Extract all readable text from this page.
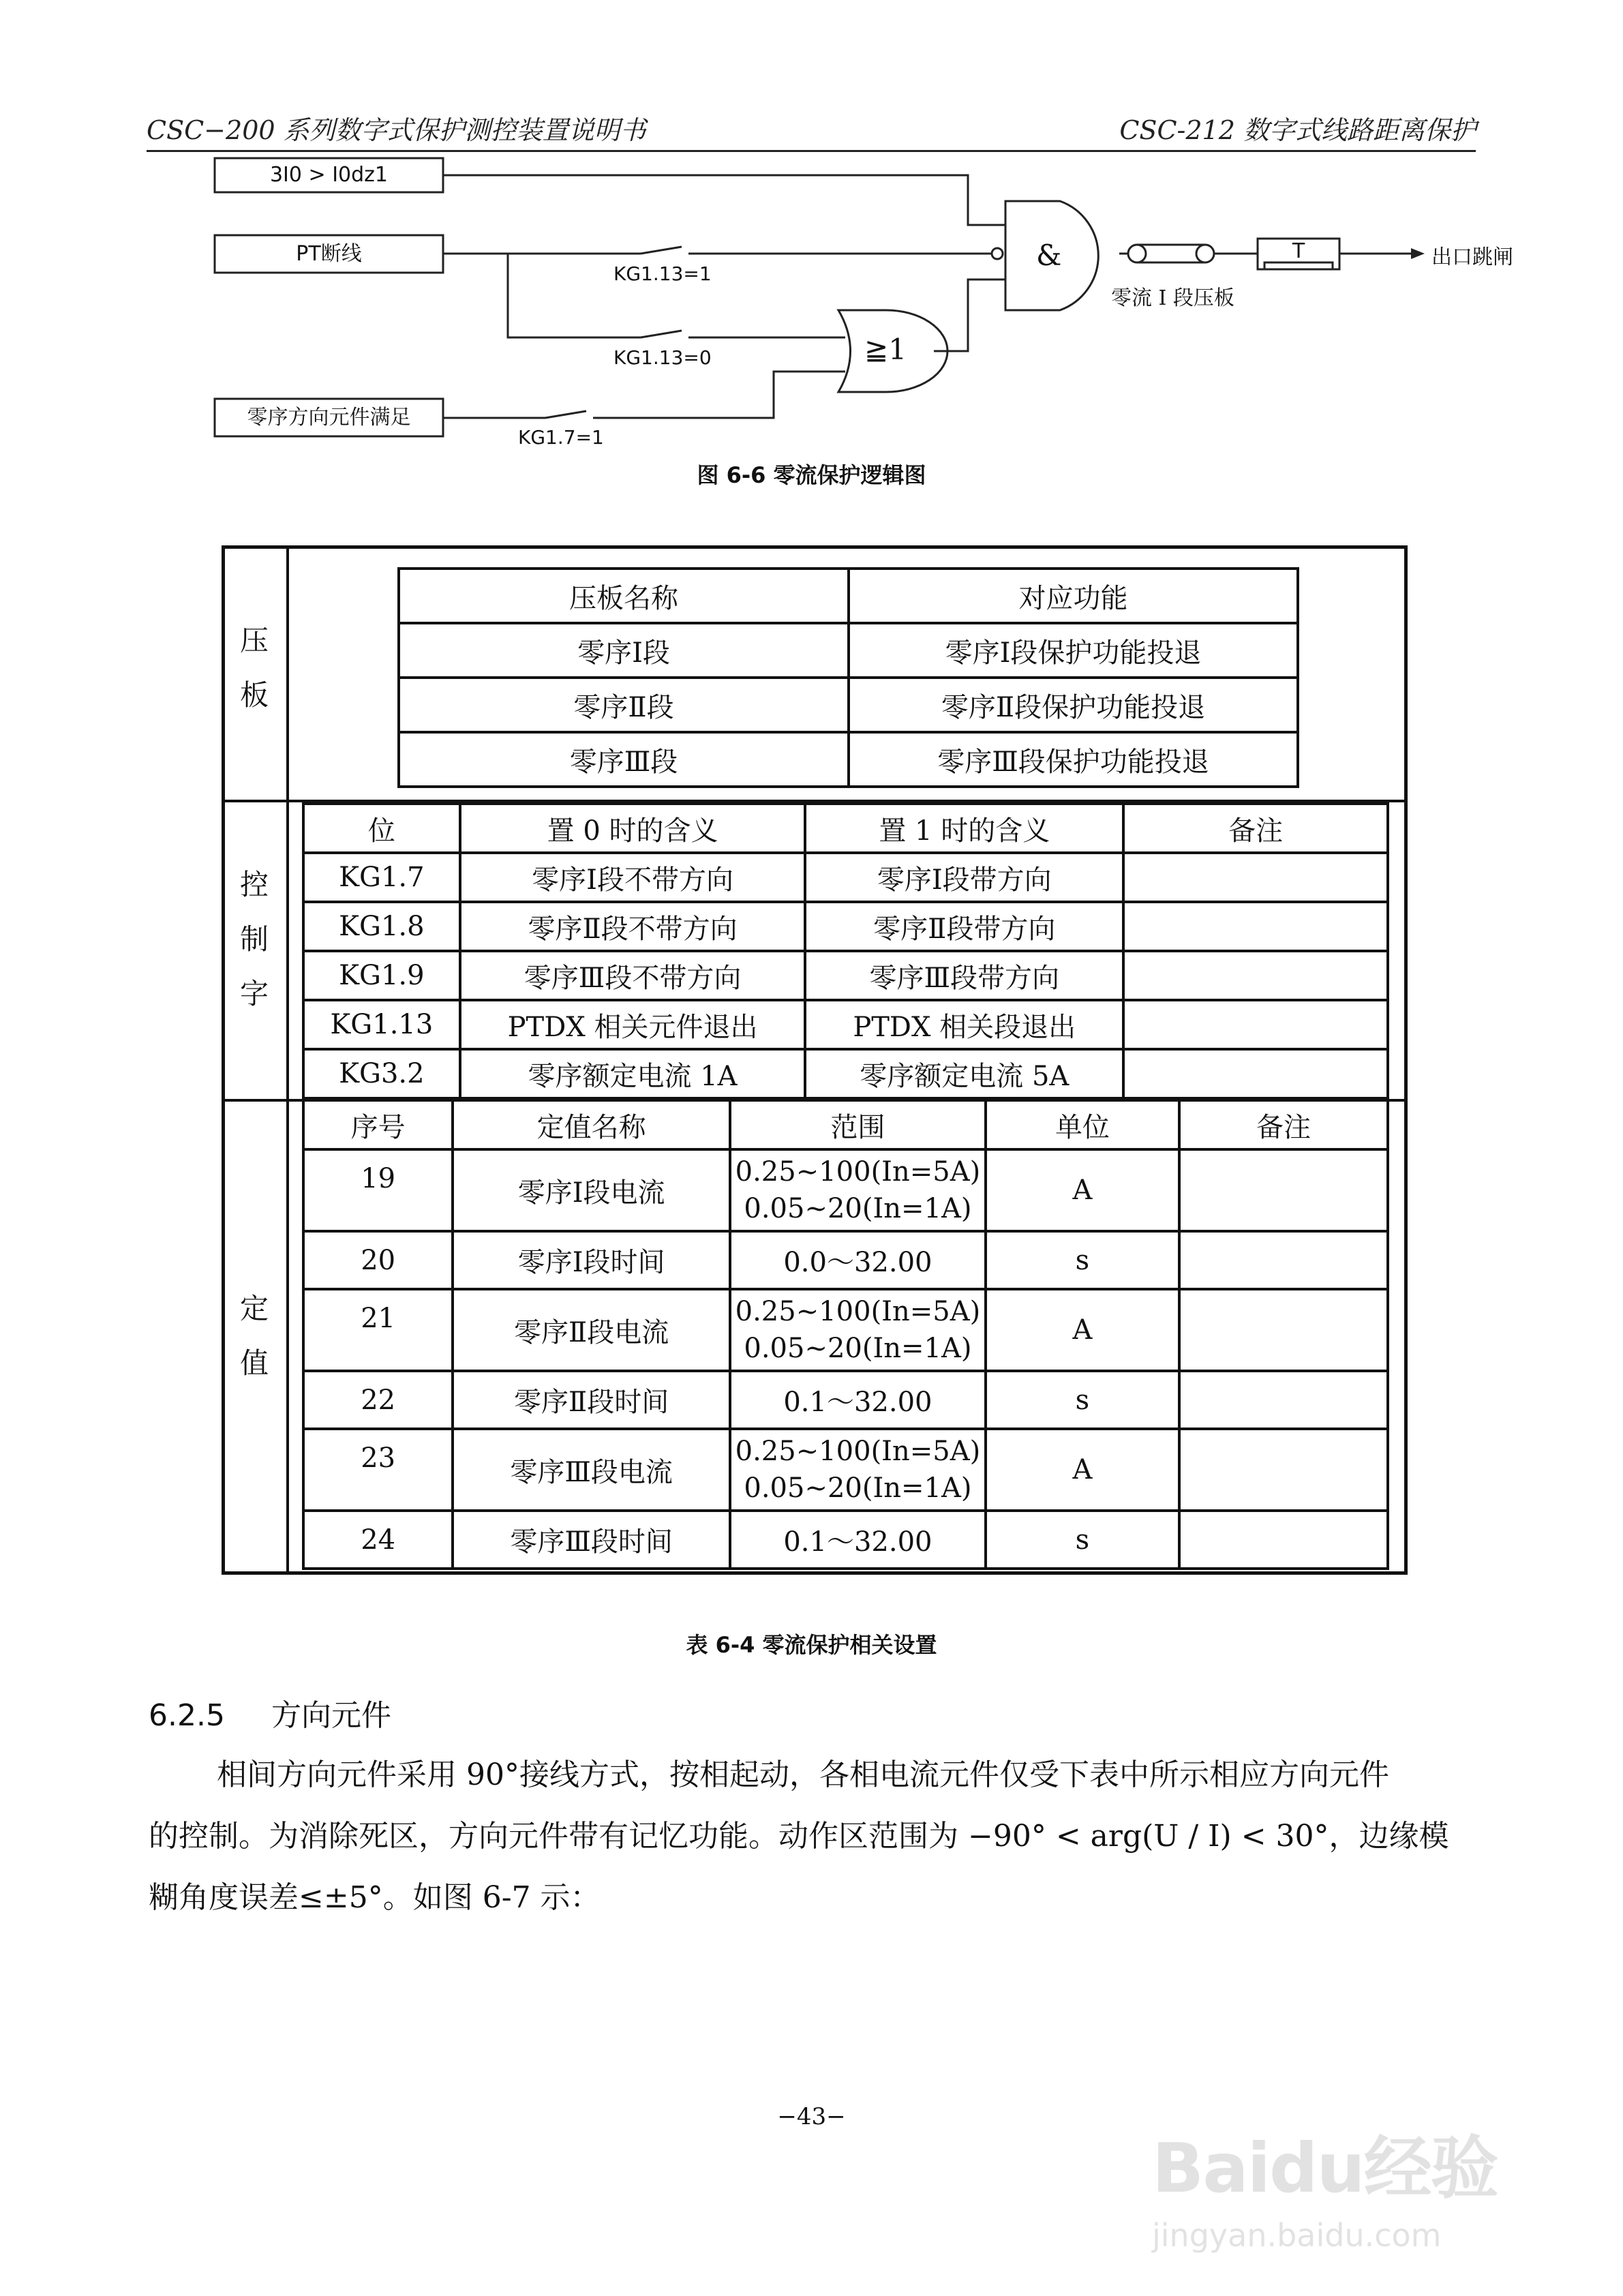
CSC−200 系列数字式保护测控装置说明书	CSC-212 数字式线路距离保护
3I0 > I0dz1
PT断线
零序方向元件满足
KG1.13=1
KG1.13=0
KG1.7=1
&
≧1
零流 I 段压板
T	出口跳闸
图 6-6 零流保护逻辑图
压板
控制字
定值
压板名称	对应功能
零序Ⅰ段	零序Ⅰ段保护功能投退
零序Ⅱ段	零序Ⅱ段保护功能投退
零序Ⅲ段	零序Ⅲ段保护功能投退
位	置 0 时的含义	置 1 时的含义	备注
KG1.7	零序Ⅰ段不带方向	零序Ⅰ段带方向	
KG1.8	零序Ⅱ段不带方向	零序Ⅱ段带方向	
KG1.9	零序Ⅲ段不带方向	零序Ⅲ段带方向	
KG1.13	PTDX 相关元件退出	PTDX 相关段退出	
KG3.2	零序额定电流 1A	零序额定电流 5A	
序号	定值名称	范围	单位	备注
19	零序Ⅰ段电流	0.25~100(In=5A)
0.05~20(In=1A)	A	
20	零序Ⅰ段时间	0.0～32.00	s	
21	零序Ⅱ段电流	0.25~100(In=5A)
0.05~20(In=1A)	A	
22	零序Ⅱ段时间	0.1～32.00	s	
23	零序Ⅲ段电流	0.25~100(In=5A)
0.05~20(In=1A)	A	
24	零序Ⅲ段时间	0.1～32.00	s	
表 6-4 零流保护相关设置
6.2.5 方向元件
相间方向元件采用 90°接线方式，按相起动，各相电流元件仅受下表中所示相应方向元件
的控制。为消除死区，方向元件带有记忆功能。动作区范围为 −90° < arg(U / I) < 30°，边缘模
糊角度误差≤±5°。如图 6-7 示：
−43−
Baidu经验
jingyan.baidu.com
